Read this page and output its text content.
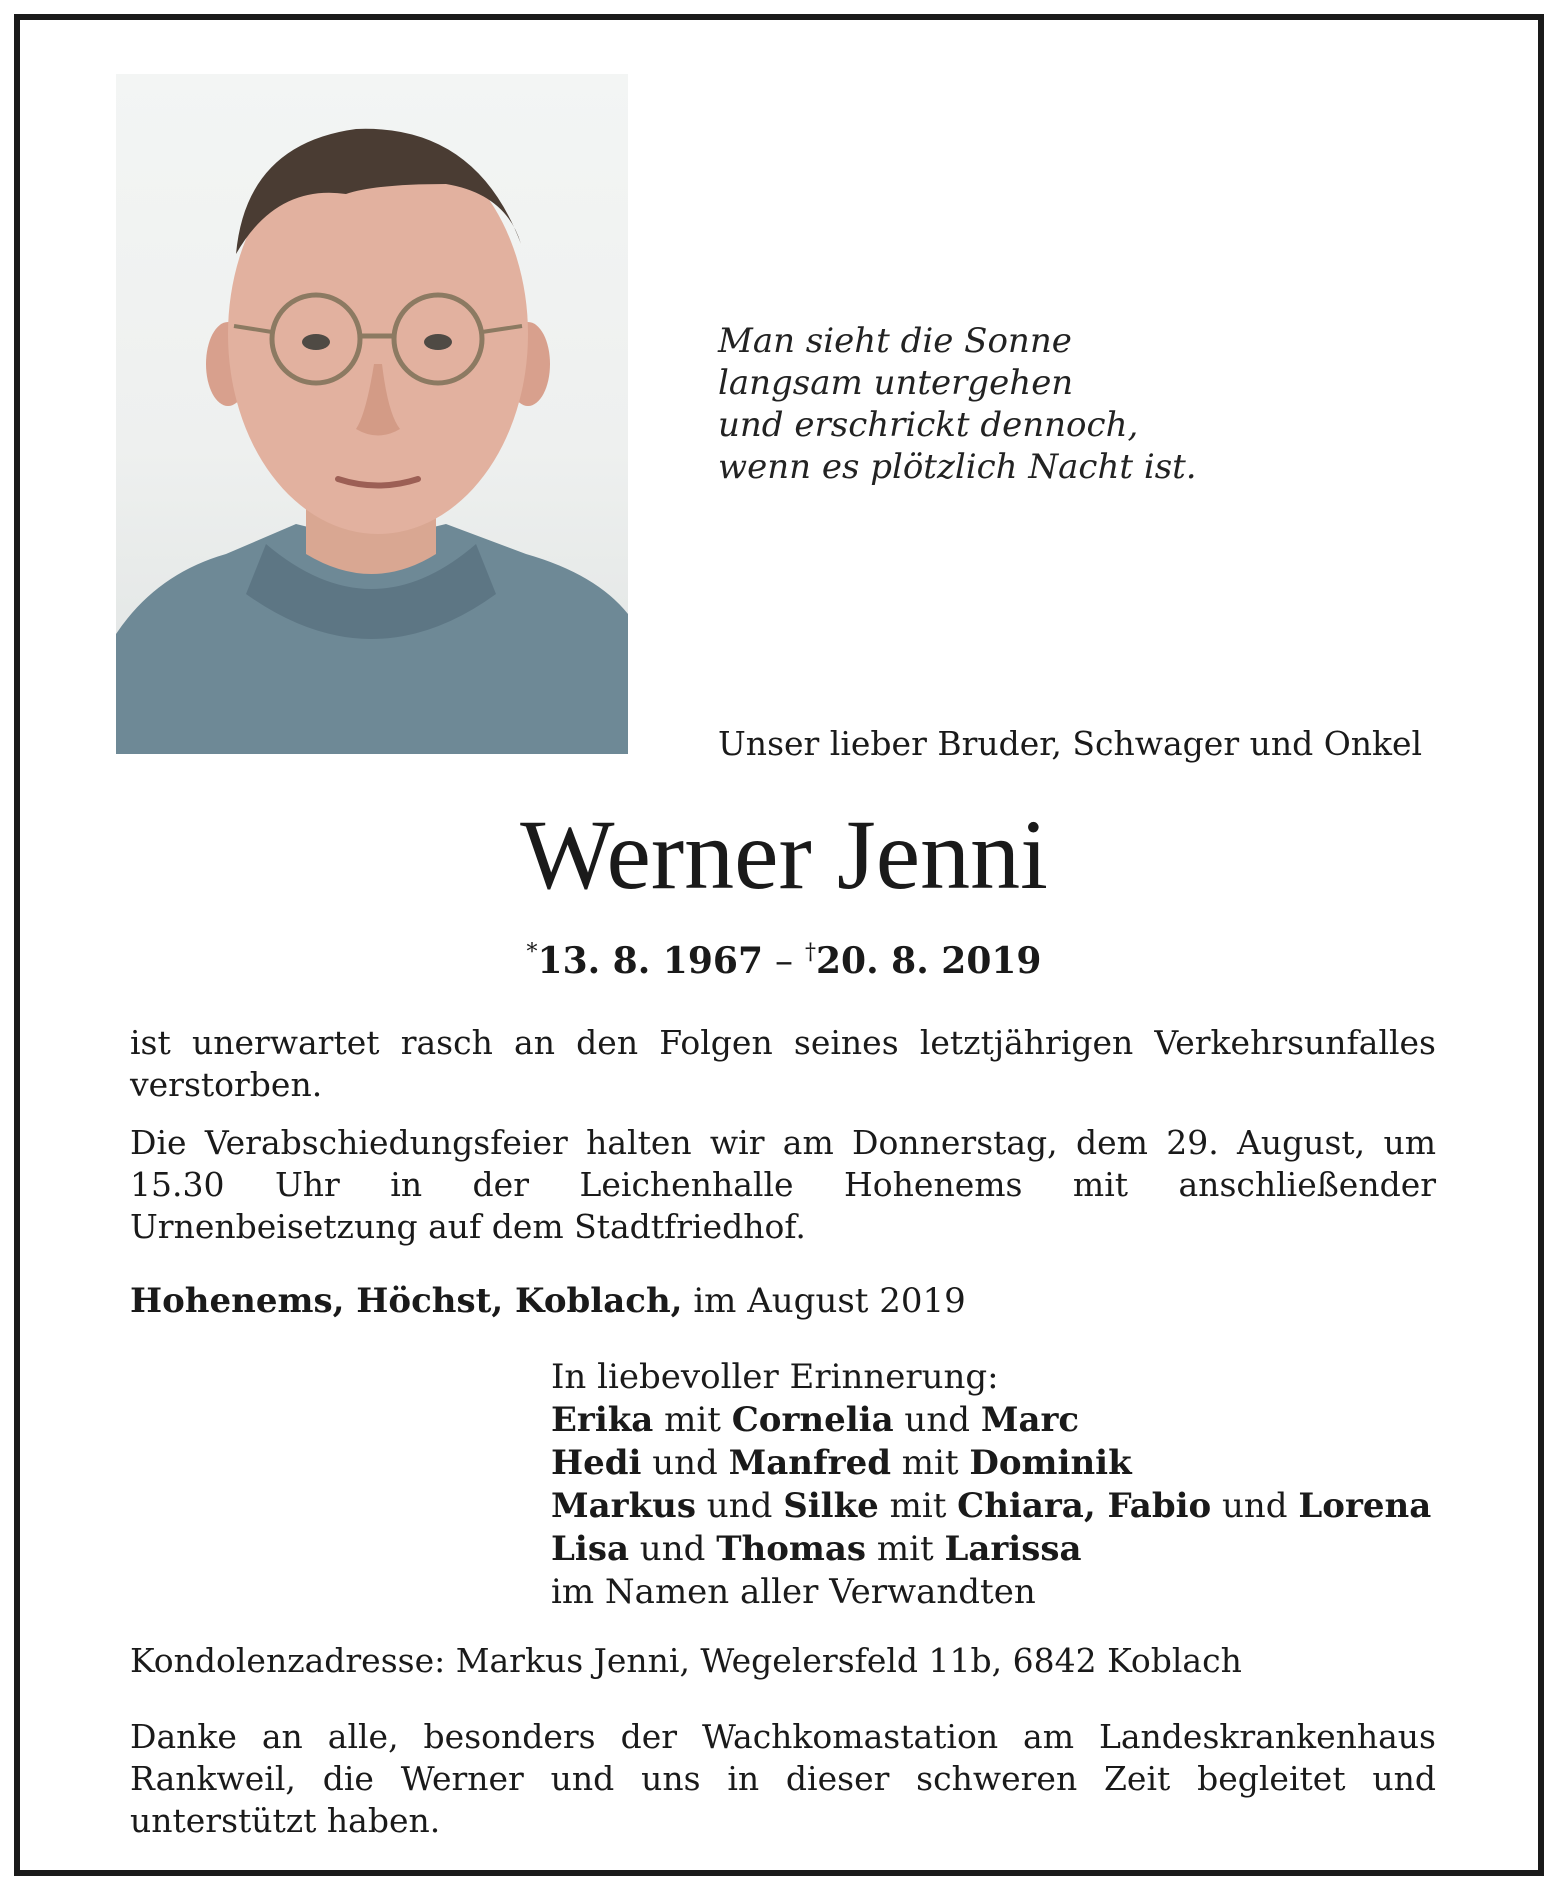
Man sieht die Sonne
langsam untergehen
und erschrickt dennoch,
wenn es plötzlich Nacht ist.
Unser lieber Bruder, Schwager und Onkel
Werner Jenni
*13. 8. 1967 – †20. 8. 2019
ist unerwartet rasch an den Folgen seines letztjährigen Verkehrsunfalles verstorben.
Die Verabschiedungsfeier halten wir am Donnerstag, dem 29. August, um 15.30 Uhr in der Leichenhalle Hohenems mit anschließender Urnenbeisetzung auf dem Stadtfriedhof.
Hohenems, Höchst, Koblach, im August 2019
In liebevoller Erinnerung:
Erika mit Cornelia und Marc
Hedi und Manfred mit Dominik
Markus und Silke mit Chiara, Fabio und Lorena
Lisa und Thomas mit Larissa
im Namen aller Verwandten
Kondolenzadresse: Markus Jenni, Wegelersfeld 11b, 6842 Koblach
Danke an alle, besonders der Wachkomastation am Landeskrankenhaus Rankweil, die Werner und uns in dieser schweren Zeit begleitet und unterstützt haben.
